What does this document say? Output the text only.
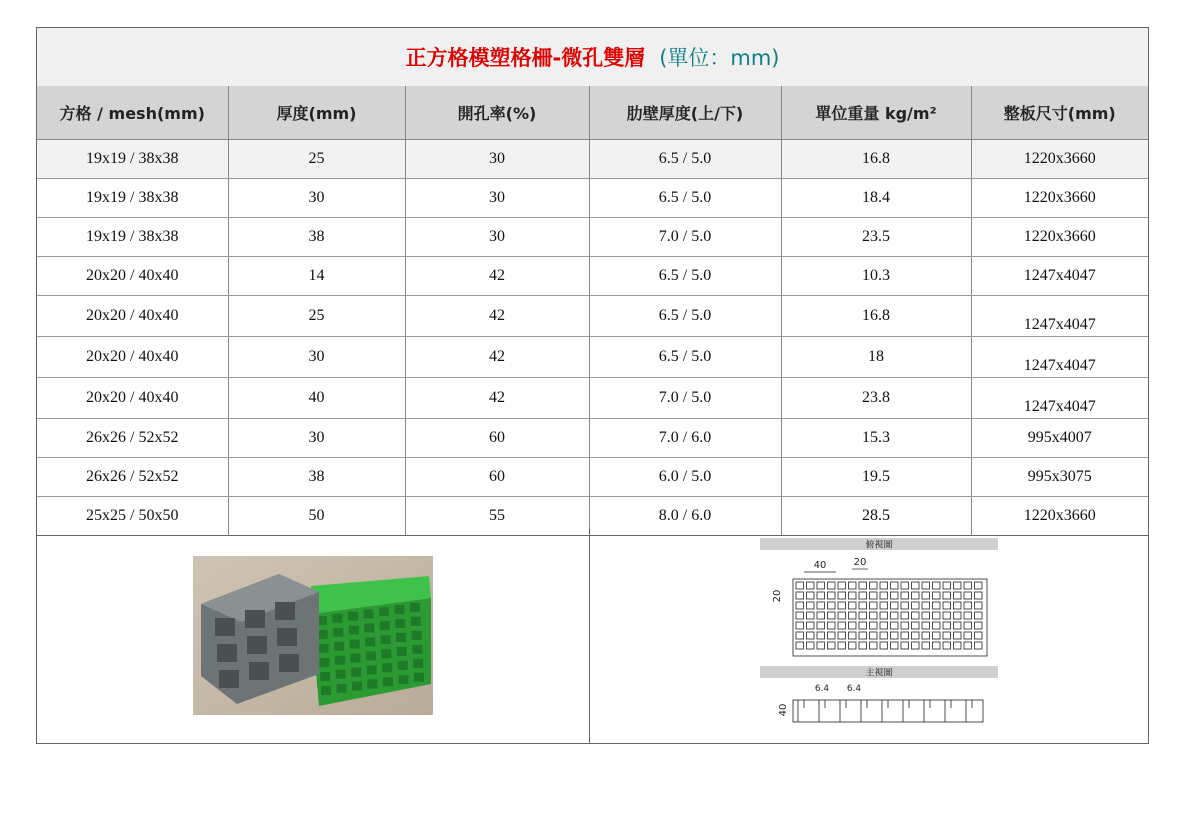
正方格模塑格柵-微孔雙層 (單位：mm)
方格 / mesh(mm)	厚度(mm)	開孔率(%)	肋壁厚度(上/下)	單位重量 kg/m²	整板尺寸(mm)
19x19 / 38x38	25	30	6.5 / 5.0	16.8	1220x3660
19x19 / 38x38	30	30	6.5 / 5.0	18.4	1220x3660
19x19 / 38x38	38	30	7.0 / 5.0	23.5	1220x3660
20x20 / 40x40	14	42	6.5 / 5.0	10.3	1247x4047
20x20 / 40x40	25	42	6.5 / 5.0	16.8	1247x4047
20x20 / 40x40	30	42	6.5 / 5.0	18	1247x4047
20x20 / 40x40	40	42	7.0 / 5.0	23.8	1247x4047
26x26 / 52x52	30	60	7.0 / 6.0	15.3	995x4007
26x26 / 52x52	38	60	6.0 / 5.0	19.5	995x3075
25x25 / 50x50	50	55	8.0 / 6.0	28.5	1220x3660
俯視圖
40	20
20
主視圖
6.4 6.4
40
